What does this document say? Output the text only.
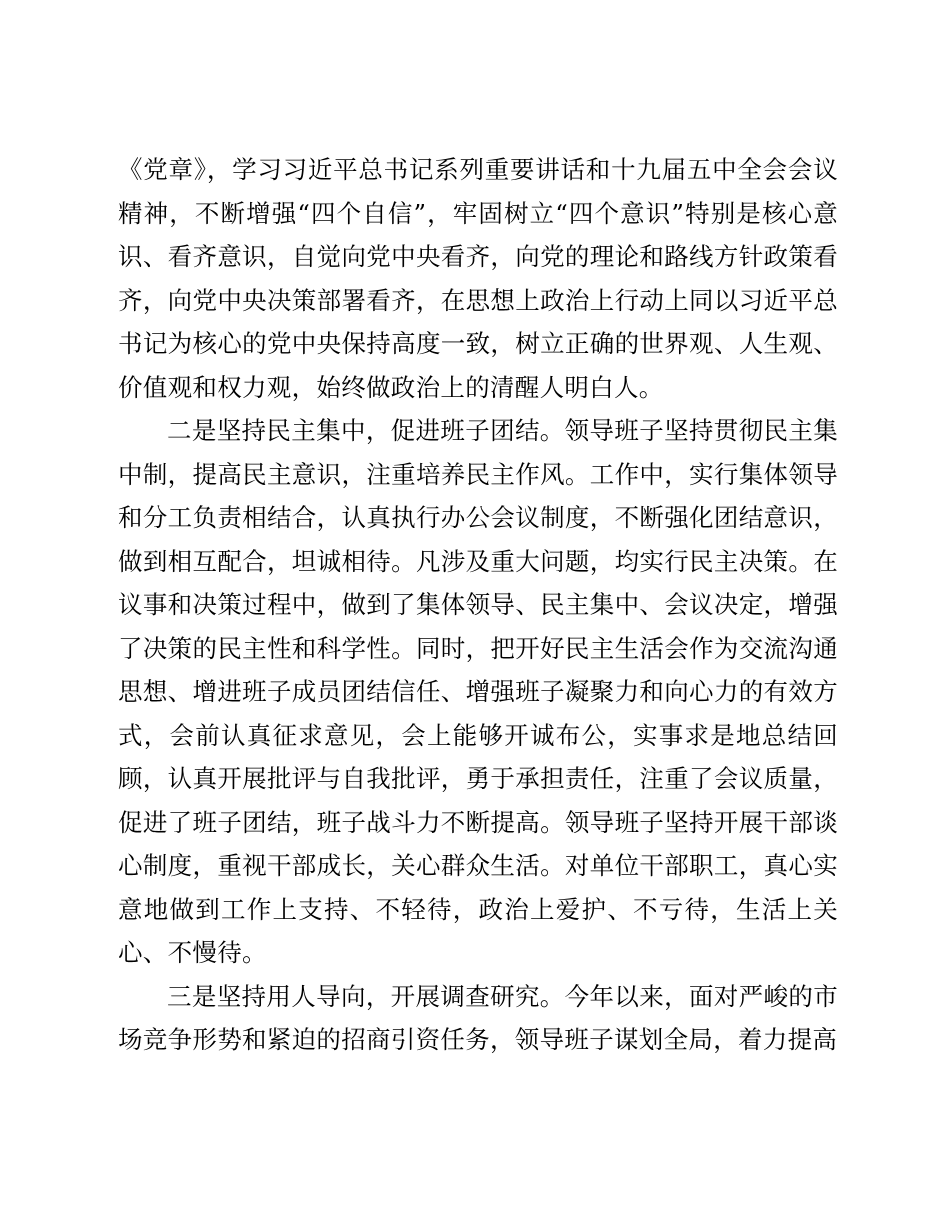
《党章》，学习习近平总书记系列重要讲话和十九届五中全会会议精神，不断增强“四个自信”，牢固树立“四个意识”特别是核心意识、看齐意识，自觉向党中央看齐，向党的理论和路线方针政策看齐，向党中央决策部署看齐，在思想上政治上行动上同以习近平总书记为核心的党中央保持高度一致，树立正确的世界观、人生观、价值观和权力观，始终做政治上的清醒人明白人。

二是坚持民主集中，促进班子团结。领导班子坚持贯彻民主集中制，提高民主意识，注重培养民主作风。工作中，实行集体领导和分工负责相结合，认真执行办公会议制度，不断强化团结意识，做到相互配合，坦诚相待。凡涉及重大问题，均实行民主决策。在议事和决策过程中，做到了集体领导、民主集中、会议决定，增强了决策的民主性和科学性。同时，把开好民主生活会作为交流沟通思想、增进班子成员团结信任、增强班子凝聚力和向心力的有效方式，会前认真征求意见，会上能够开诚布公，实事求是地总结回顾，认真开展批评与自我批评，勇于承担责任，注重了会议质量，促进了班子团结，班子战斗力不断提高。领导班子坚持开展干部谈心制度，重视干部成长，关心群众生活。对单位干部职工，真心实意地做到工作上支持、不轻待，政治上爱护、不亏待，生活上关心、不慢待。

三是坚持用人导向，开展调查研究。今年以来，面对严峻的市场竞争形势和紧迫的招商引资任务，领导班子谋划全局，着力提高
